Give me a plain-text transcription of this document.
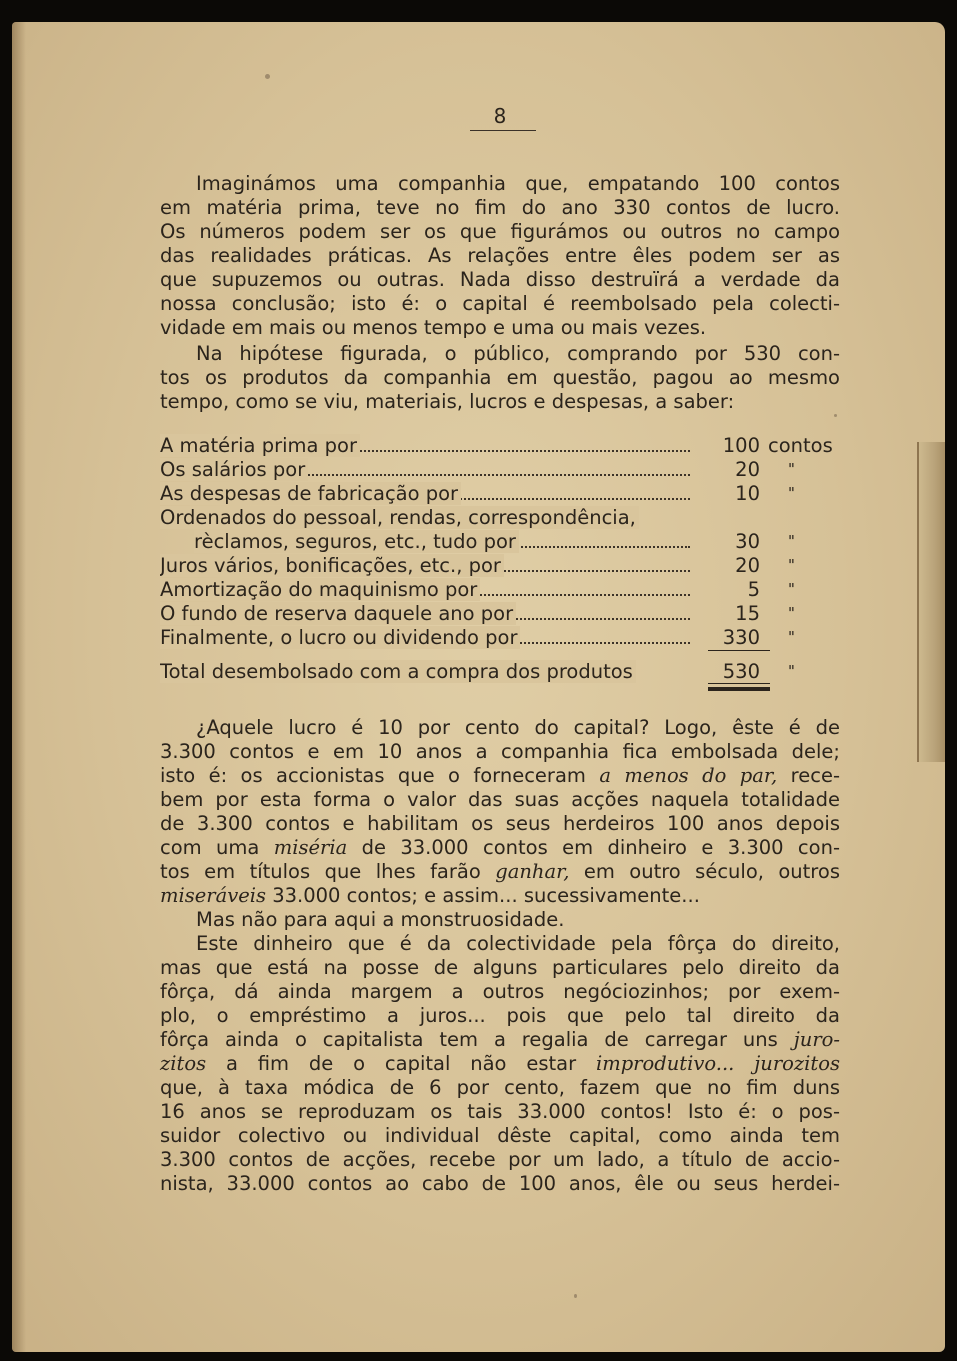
8
Imaginámos uma companhia que, empatando 100 contos
em matéria prima, teve no fim do ano 330 contos de lucro.
Os números podem ser os que figurámos ou outros no campo
das realidades práticas. As relações entre êles podem ser as
que supuzemos ou outras. Nada disso destruïrá a verdade da
nossa conclusão; isto é: o capital é reembolsado pela colecti-
vidade em mais ou menos tempo e uma ou mais vezes.
Na hipótese figurada, o público, comprando por 530 con-
tos os produtos da companhia em questão, pagou ao mesmo
tempo, como se viu, materiais, lucros e despesas, a saber:
A matéria prima por	100 contos
Os salários por	20 "
As despesas de fabricação por	10 "
Ordenados do pessoal, rendas, correspondência,
rèclamos, seguros, etc., tudo por	30 "
Juros vários, bonificações, etc., por	20 "
Amortização do maquinismo por	5 "
O fundo de reserva daquele ano por	15 "
Finalmente, o lucro ou dividendo por	330 "
Total desembolsado com a compra dos produtos	530 "
¿Aquele lucro é 10 por cento do capital? Logo, êste é de
3.300 contos e em 10 anos a companhia fica embolsada dele;
isto é: os accionistas que o forneceram a menos do par, rece-
bem por esta forma o valor das suas acções naquela totalidade
de 3.300 contos e habilitam os seus herdeiros 100 anos depois
com uma miséria de 33.000 contos em dinheiro e 3.300 con-
tos em títulos que lhes farão ganhar, em outro século, outros
miseráveis 33.000 contos; e assim... sucessivamente...
Mas não para aqui a monstruosidade.
Este dinheiro que é da colectividade pela fôrça do direito,
mas que está na posse de alguns particulares pelo direito da
fôrça, dá ainda margem a outros negóciozinhos; por exem-
plo, o empréstimo a juros... pois que pelo tal direito da
fôrça ainda o capitalista tem a regalia de carregar uns juro-
zitos a fim de o capital não estar improdutivo... jurozitos
que, à taxa módica de 6 por cento, fazem que no fim duns
16 anos se reproduzam os tais 33.000 contos! Isto é: o pos-
suidor colectivo ou individual dêste capital, como ainda tem
3.300 contos de acções, recebe por um lado, a título de accio-
nista, 33.000 contos ao cabo de 100 anos, êle ou seus herdei-
